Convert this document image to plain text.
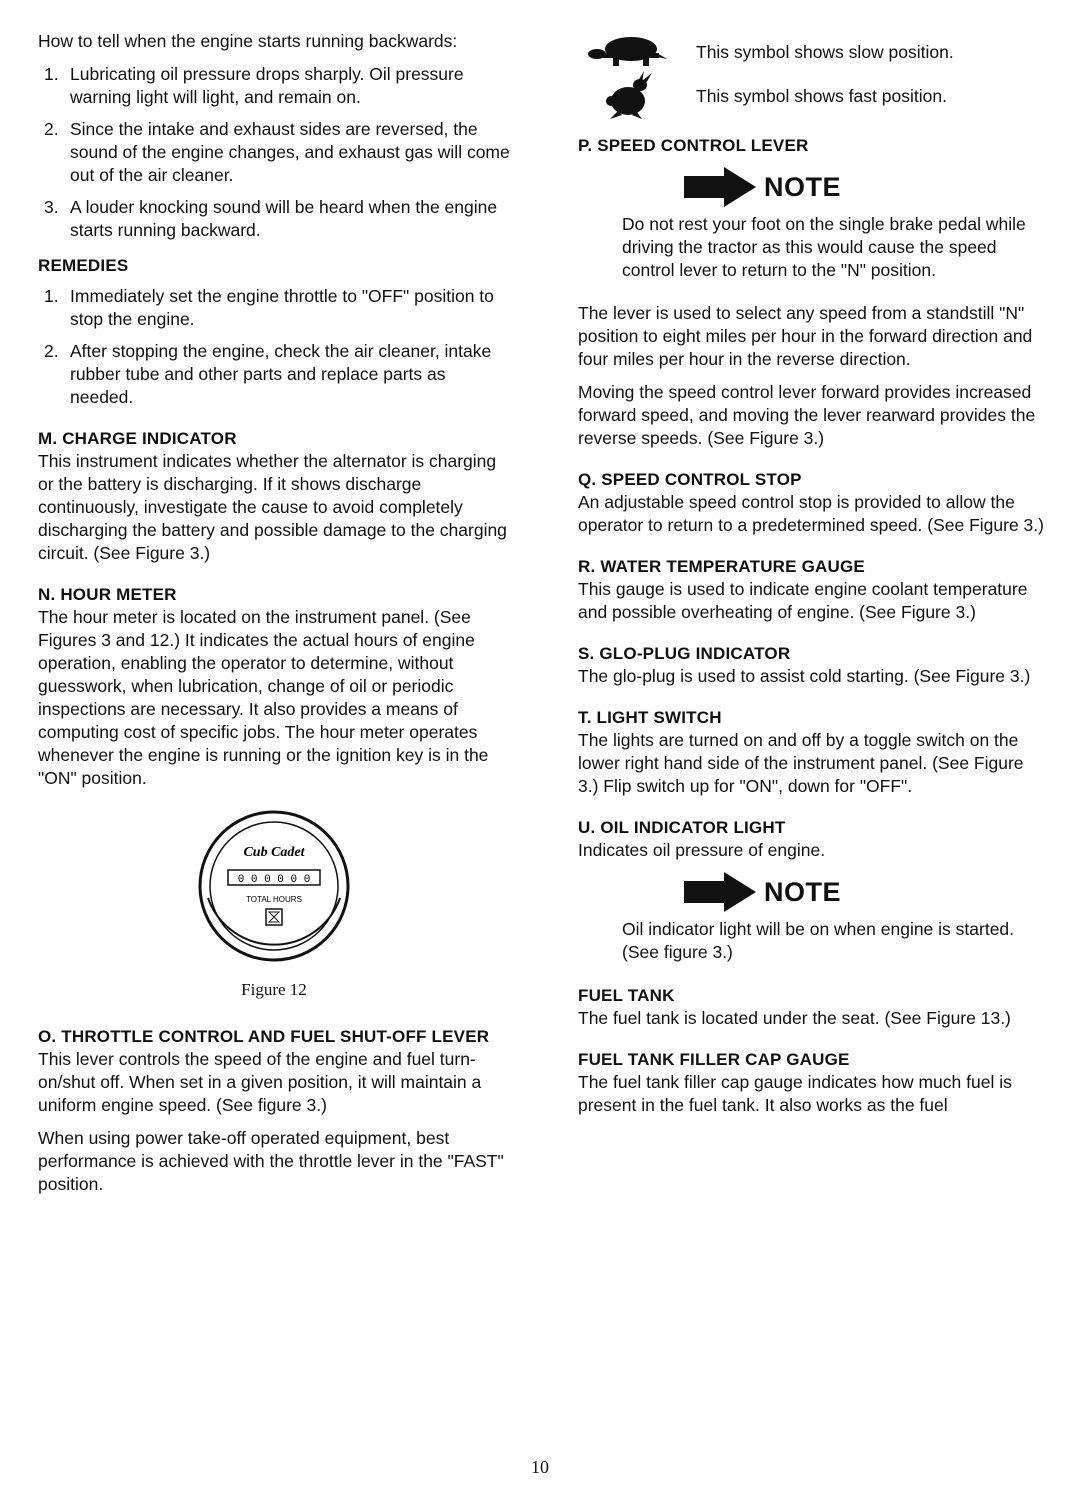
How to tell when the engine starts running backwards:

1. Lubricating oil pressure drops sharply. Oil pressure warning light will light, and remain on.
2. Since the intake and exhaust sides are reversed, the sound of the engine changes, and exhaust gas will come out of the air cleaner.
3. A louder knocking sound will be heard when the engine starts running backward.

REMEDIES

1. Immediately set the engine throttle to "OFF" position to stop the engine.
2. After stopping the engine, check the air cleaner, intake rubber tube and other parts and replace parts as needed.

M. CHARGE INDICATOR

This instrument indicates whether the alternator is charging or the battery is discharging. If it shows discharge continuously, investigate the cause to avoid completely discharging the battery and possible damage to the charging circuit. (See Figure 3.)

N. HOUR METER

The hour meter is located on the instrument panel. (See Figures 3 and 12.) It indicates the actual hours of engine operation, enabling the operator to determine, without guesswork, when lubrication, change of oil or periodic inspections are necessary. It also provides a means of computing cost of specific jobs. The hour meter operates whenever the engine is running or the ignition key is in the "ON" position.

Cub Cadet
0 0 0 0 0 0
TOTAL HOURS
Figure 12

O. THROTTLE CONTROL AND FUEL SHUT-OFF LEVER

This lever controls the speed of the engine and fuel turn-on/shut off. When set in a given position, it will maintain a uniform engine speed. (See figure 3.)

When using power take-off operated equipment, best performance is achieved with the throttle lever in the "FAST" position.

This symbol shows slow position.
This symbol shows fast position.

P. SPEED CONTROL LEVER

NOTE

Do not rest your foot on the single brake pedal while driving the tractor as this would cause the speed control lever to return to the "N" position.

The lever is used to select any speed from a standstill "N" position to eight miles per hour in the forward direction and four miles per hour in the reverse direction.

Moving the speed control lever forward provides increased forward speed, and moving the lever rearward provides the reverse speeds. (See Figure 3.)

Q. SPEED CONTROL STOP

An adjustable speed control stop is provided to allow the operator to return to a predetermined speed. (See Figure 3.)

R. WATER TEMPERATURE GAUGE

This gauge is used to indicate engine coolant temperature and possible overheating of engine. (See Figure 3.)

S. GLO-PLUG INDICATOR

The glo-plug is used to assist cold starting. (See Figure 3.)

T. LIGHT SWITCH

The lights are turned on and off by a toggle switch on the lower right hand side of the instrument panel. (See Figure 3.) Flip switch up for "ON", down for "OFF".

U. OIL INDICATOR LIGHT

Indicates oil pressure of engine.

NOTE

Oil indicator light will be on when engine is started. (See figure 3.)

FUEL TANK

The fuel tank is located under the seat. (See Figure 13.)

FUEL TANK FILLER CAP GAUGE

The fuel tank filler cap gauge indicates how much fuel is present in the fuel tank. It also works as the fuel

10
